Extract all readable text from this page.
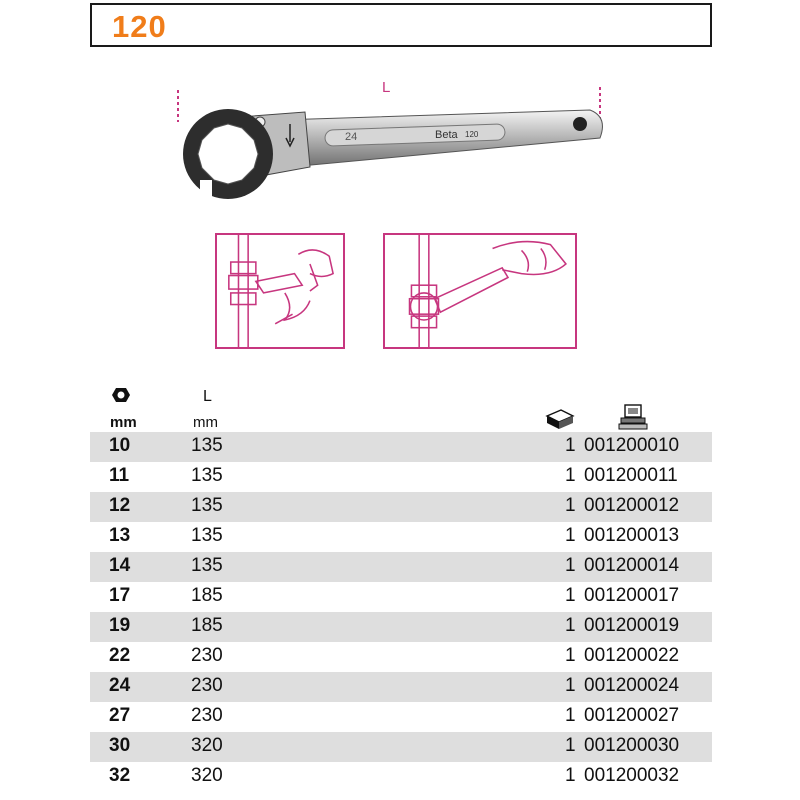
120
L
24	Beta 120
L
mm	mm
10	135	1 001200010
11	135	1 001200011
12	135	1 001200012
13	135	1 001200013
14	135	1 001200014
17	185	1 001200017
19	185	1 001200019
22	230	1 001200022
24	230	1 001200024
27	230	1 001200027
30	320	1 001200030
32	320	1 001200032
